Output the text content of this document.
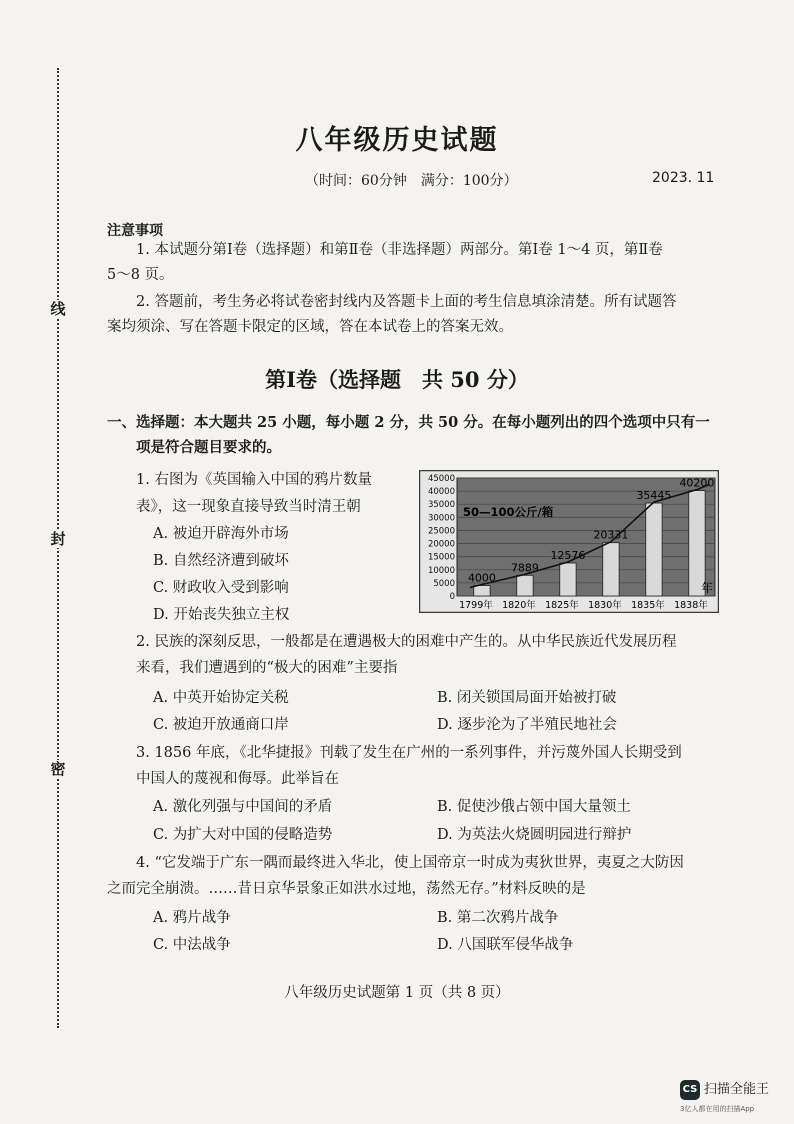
线
封
密
八年级历史试题
（时间：60分钟　满分：100分）	2023. 11
注意事项
1. 本试题分第Ⅰ卷（选择题）和第Ⅱ卷（非选择题）两部分。第Ⅰ卷 1～4 页，第Ⅱ卷
5～8 页。
2. 答题前，考生务必将试卷密封线内及答题卡上面的考生信息填涂清楚。所有试题答
案均须涂、写在答题卡限定的区域，答在本试卷上的答案无效。
第Ⅰ卷（选择题　共 50 分）
一、选择题：本大题共 25 小题，每小题 2 分，共 50 分。在每小题列出的四个选项中只有一
项是符合题目要求的。
1. 右图为《英国输入中国的鸦片数量
表》，这一现象直接导致当时清王朝
A. 被迫开辟海外市场
B. 自然经济遭到破坏
C. 财政收入受到影响
D. 开始丧失独立主权
0
5000
10000
15000
20000
25000
30000
35000
40000
45000
4000
1799年
7889
1820年
12576
1825年
20331
1830年
35445
1835年
40200
1838年
50—100公斤/箱
年
2. 民族的深刻反思，一般都是在遭遇极大的困难中产生的。从中华民族近代发展历程
来看，我们遭遇到的“极大的困难”主要指
A. 中英开始协定关税	B. 闭关锁国局面开始被打破
C. 被迫开放通商口岸	D. 逐步沦为了半殖民地社会
3. 1856 年底，《北华捷报》刊载了发生在广州的一系列事件，并污蔑外国人长期受到
中国人的蔑视和侮辱。此举旨在
A. 激化列强与中国间的矛盾	B. 促使沙俄占领中国大量领土
C. 为扩大对中国的侵略造势	D. 为英法火烧圆明园进行辩护
4. “它发端于广东一隅而最终进入华北，使上国帝京一时成为夷狄世界，夷夏之大防因
之而完全崩溃。……昔日京华景象正如洪水过地，荡然无存。”材料反映的是
A. 鸦片战争	B. 第二次鸦片战争
C. 中法战争	D. 八国联军侵华战争
八年级历史试题第 1 页（共 8 页）
CS 扫描全能王
3亿人都在用的扫描App
